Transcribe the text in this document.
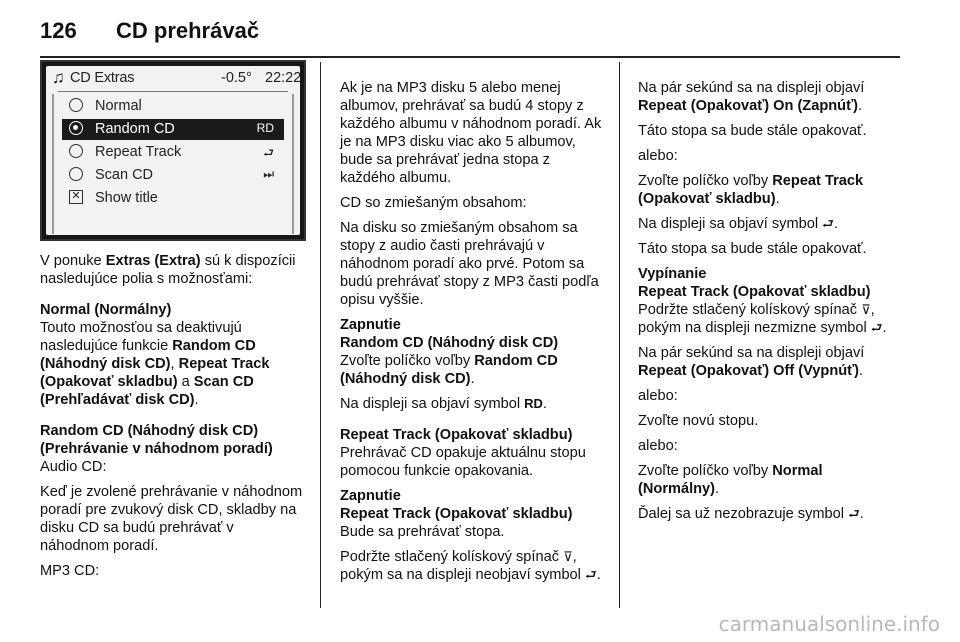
126 CD prehrávač
♫ CD Extras	-0.5° 22:22
Normal
Random CD	RD
Repeat Track	⮐
Scan CD	⏭
✕ Show title

V ponuke Extras (Extra) sú k dispozícii nasledujúce polia s možnosťami:

Normal (Normálny)

Touto možnosťou sa deaktivujú nasledujúce funkcie Random CD (Náhodný disk CD), Repeat Track (Opakovať skladbu) a Scan CD (Prehľadávať disk CD).

Random CD (Náhodný disk CD) (Prehrávanie v náhodnom poradí)

Audio CD:

Keď je zvolené prehrávanie v náhodnom poradí pre zvukový disk CD, skladby na disku CD sa budú prehrávať v náhodnom poradí.

MP3 CD:

Ak je na MP3 disku 5 alebo menej albumov, prehrávať sa budú 4 stopy z každého albumu v náhodnom poradí. Ak je na MP3 disku viac ako 5 albumov, bude sa prehrávať jedna stopa z každého albumu.

CD so zmiešaným obsahom:

Na disku so zmiešaným obsahom sa stopy z audio časti prehrávajú v náhodnom poradí ako prvé. Potom sa budú prehrávať stopy z MP3 časti podľa opisu vyššie.

Zapnutie

Random CD (Náhodný disk CD)

Zvoľte políčko voľby Random CD (Náhodný disk CD).

Na displeji sa objaví symbol RD.

Repeat Track (Opakovať skladbu)

Prehrávač CD opakuje aktuálnu stopu pomocou funkcie opakovania.

Zapnutie

Repeat Track (Opakovať skladbu)

Bude sa prehrávať stopa.

Podržte stlačený kolískový spínač ⊽, pokým sa na displeji neobjaví symbol ⮐.

Na pár sekúnd sa na displeji objaví Repeat (Opakovať) On (Zapnúť).

Táto stopa sa bude stále opakovať.

alebo:

Zvoľte políčko voľby Repeat Track (Opakovať skladbu).

Na displeji sa objaví symbol ⮐.

Táto stopa sa bude stále opakovať.

Vypínanie

Repeat Track (Opakovať skladbu)

Podržte stlačený kolískový spínač ⊽, pokým na displeji nezmizne symbol ⮐.

Na pár sekúnd sa na displeji objaví Repeat (Opakovať) Off (Vypnúť).

alebo:

Zvoľte novú stopu.

alebo:

Zvoľte políčko voľby Normal (Normálny).

Ďalej sa už nezobrazuje symbol ⮐.

carmanualsonline.info
